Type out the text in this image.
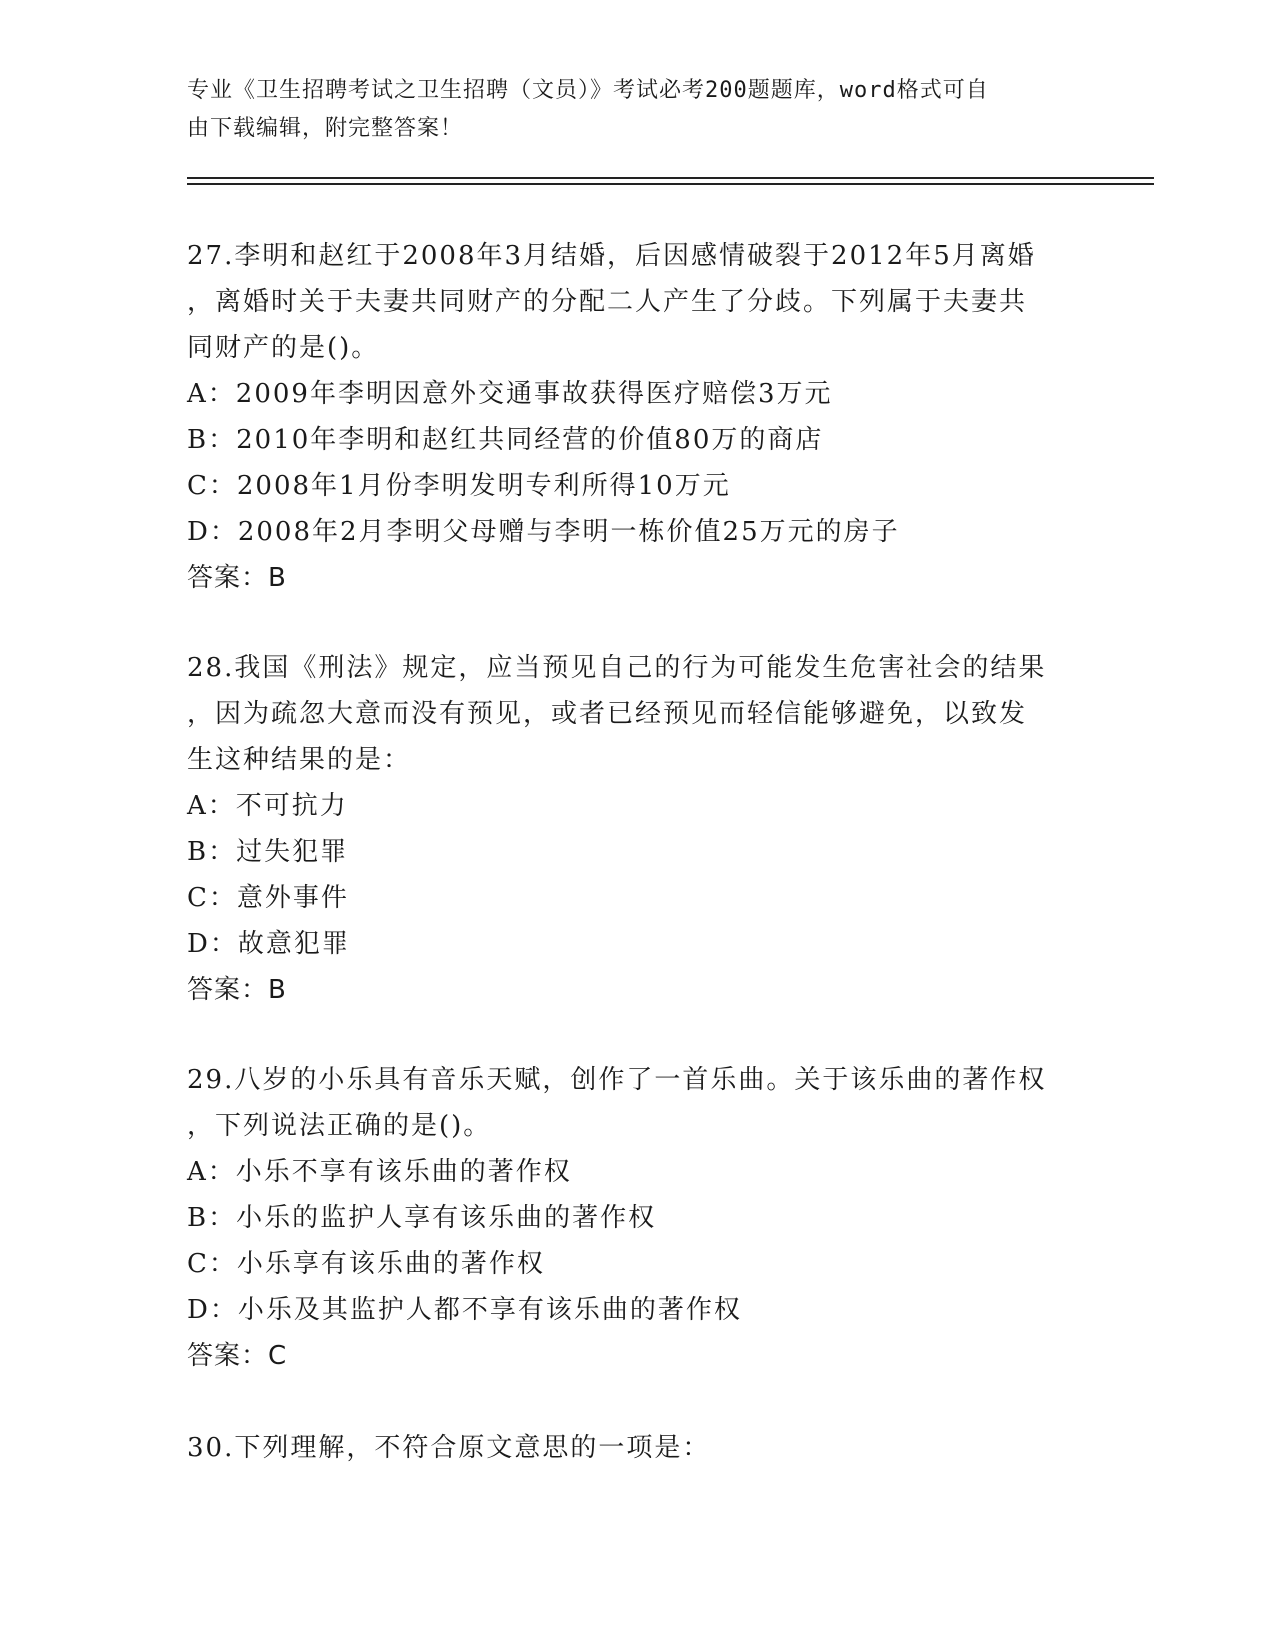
专业《卫生招聘考试之卫生招聘（文员）》考试必考200题题库，word格式可自
由下载编辑，附完整答案！
27.李明和赵红于2008年3月结婚，后因感情破裂于2012年5月离婚
，离婚时关于夫妻共同财产的分配二人产生了分歧。下列属于夫妻共
同财产的是()。
A：2009年李明因意外交通事故获得医疗赔偿3万元
B：2010年李明和赵红共同经营的价值80万的商店
C：2008年1月份李明发明专利所得10万元
D：2008年2月李明父母赠与李明一栋价值25万元的房子
答案：B
28.我国《刑法》规定，应当预见自己的行为可能发生危害社会的结果
，因为疏忽大意而没有预见，或者已经预见而轻信能够避免，以致发
生这种结果的是：
A：不可抗力
B：过失犯罪
C：意外事件
D：故意犯罪
答案：B
29.八岁的小乐具有音乐天赋，创作了一首乐曲。关于该乐曲的著作权
，下列说法正确的是()。
A：小乐不享有该乐曲的著作权
B：小乐的监护人享有该乐曲的著作权
C：小乐享有该乐曲的著作权
D：小乐及其监护人都不享有该乐曲的著作权
答案：C
30.下列理解，不符合原文意思的一项是：
